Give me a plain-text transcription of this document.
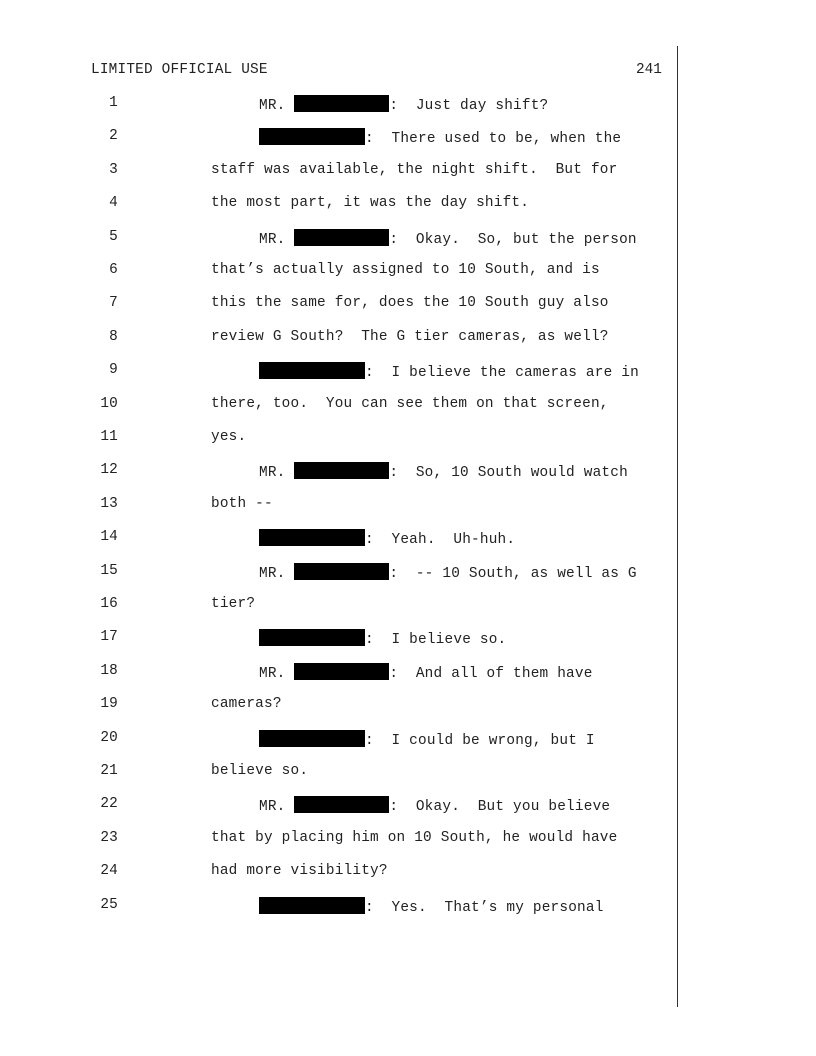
LIMITED OFFICIAL USE	241
1	MR.	:  Just day shift?
2	:  There used to be, when the
3	staff was available, the night shift.  But for
4	the most part, it was the day shift.
5	MR.	:  Okay.  So, but the person
6	that’s actually assigned to 10 South, and is
7	this the same for, does the 10 South guy also
8	review G South?  The G tier cameras, as well?
9	:  I believe the cameras are in
10	there, too.  You can see them on that screen,
11	yes.
12	MR.	:  So, 10 South would watch
13	both --
14	:  Yeah.  Uh-huh.
15	MR.	:  -- 10 South, as well as G
16	tier?
17	:  I believe so.
18	MR.	:  And all of them have
19	cameras?
20	:  I could be wrong, but I
21	believe so.
22	MR.	:  Okay.  But you believe
23	that by placing him on 10 South, he would have
24	had more visibility?
25	:  Yes.  That’s my personal
